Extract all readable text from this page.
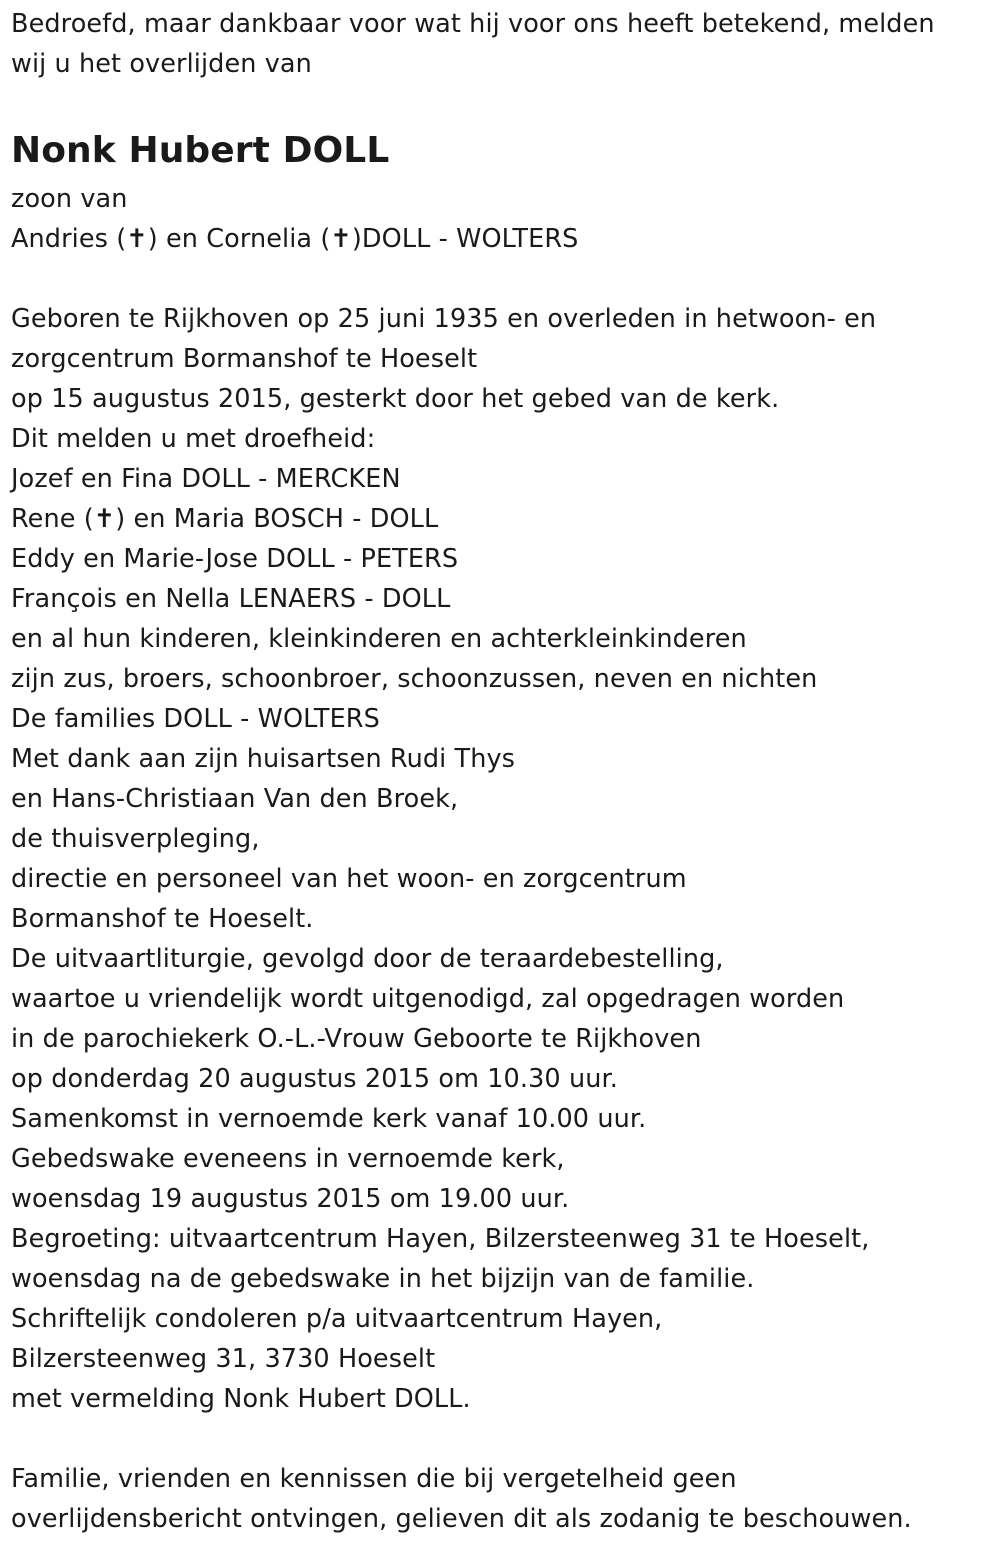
Bedroefd, maar dankbaar voor wat hij voor ons heeft betekend, melden
wij u het overlijden van
Nonk Hubert DOLL
zoon van
Andries (✝) en Cornelia (✝)DOLL - WOLTERS
Geboren te Rijkhoven op 25 juni 1935 en overleden in hetwoon- en
zorgcentrum Bormanshof te Hoeselt
op 15 augustus 2015, gesterkt door het gebed van de kerk.
Dit melden u met droefheid:
Jozef en Fina DOLL - MERCKEN
Rene (✝) en Maria BOSCH - DOLL
Eddy en Marie-Jose DOLL - PETERS
François en Nella LENAERS - DOLL
en al hun kinderen, kleinkinderen en achterkleinkinderen
zijn zus, broers, schoonbroer, schoonzussen, neven en nichten
De families DOLL - WOLTERS
Met dank aan zijn huisartsen Rudi Thys
en Hans-Christiaan Van den Broek,
de thuisverpleging,
directie en personeel van het woon- en zorgcentrum
Bormanshof te Hoeselt.
De uitvaartliturgie, gevolgd door de teraardebestelling,
waartoe u vriendelijk wordt uitgenodigd, zal opgedragen worden
in de parochiekerk O.-L.-Vrouw Geboorte te Rijkhoven
op donderdag 20 augustus 2015 om 10.30 uur.
Samenkomst in vernoemde kerk vanaf 10.00 uur.
Gebedswake eveneens in vernoemde kerk,
woensdag 19 augustus 2015 om 19.00 uur.
Begroeting: uitvaartcentrum Hayen, Bilzersteenweg 31 te Hoeselt,
woensdag na de gebedswake in het bijzijn van de familie.
Schriftelijk condoleren p/a uitvaartcentrum Hayen,
Bilzersteenweg 31, 3730 Hoeselt
met vermelding Nonk Hubert DOLL.
Familie, vrienden en kennissen die bij vergetelheid geen
overlijdensbericht ontvingen, gelieven dit als zodanig te beschouwen.
